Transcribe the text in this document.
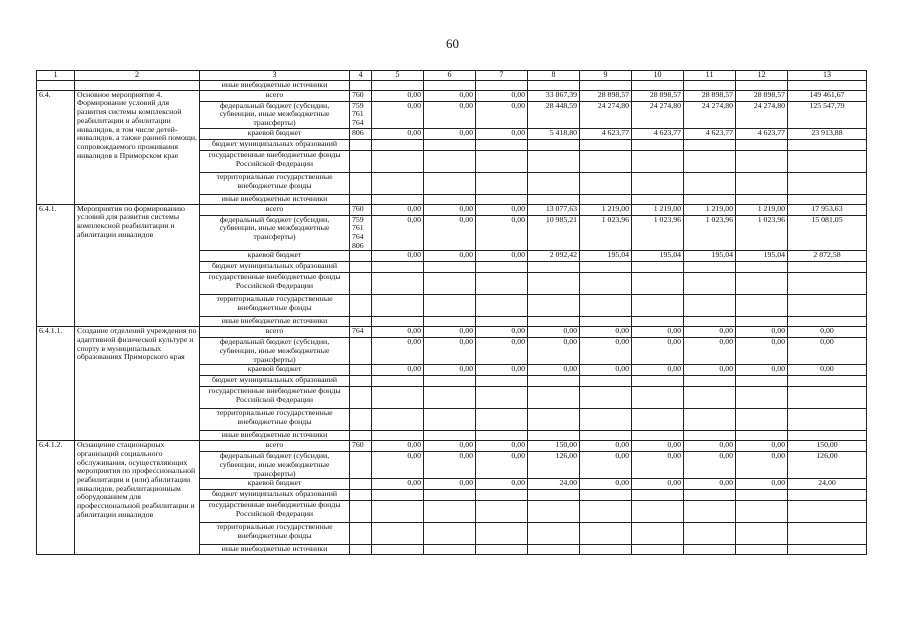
60
1	2	3	4	5	6	7	8	9	10	11	12	13
		иные внебюджетные источники										
6.4.	Основное мероприятие 4. Формирование условий для развития системы комплексной реабилитации и абилитации инвалидов, в том числе детей-инвалидов, а также ранней помощи, сопровождаемого проживания инвалидов в Приморском крае	всего	760	0,00	0,00	0,00	33 867,39	28 898,57	28 898,57	28 898,57	28 898,57	149 461,67
		федеральный бюджет (субсидии, субвенции, иные межбюджетные трансферты)	759 761 764	0,00	0,00	0,00	28 448,59	24 274,80	24 274,80	24 274,80	24 274,80	125 547,79
		краевой бюджет	806	0,00	0,00	0,00	5 418,80	4 623,77	4 623,77	4 623,77	4 623,77	23 913,88
		бюджет муниципальных образований										
		государственные внебюджетные фонды Российской Федерации										
		территориальные государственные внебюджетные фонды										
		иные внебюджетные источники										
6.4.1.	Мероприятия по формированию условий для развития системы комплексной реабилитации и абилитации инвалидов	всего	760	0,00	0,00	0,00	13 077,63	1 219,00	1 219,00	1 219,00	1 219,00	17 953,63
		федеральный бюджет (субсидии, субвенции, иные межбюджетные трансферты)	759 761 764 806	0,00	0,00	0,00	10 985,21	1 023,96	1 023,96	1 023,96	1 023,96	15 081,05
		краевой бюджет		0,00	0,00	0,00	2 092,42	195,04	195,04	195,04	195,04	2 872,58
		бюджет муниципальных образований										
		государственные внебюджетные фонды Российской Федерации										
		территориальные государственные внебюджетные фонды										
		иные внебюджетные источники										
6.4.1.1.	Создание отделений учреждения по адаптивной физической культуре и спорту в муниципальных образованиях Приморского края	всего	764	0,00	0,00	0,00	0,00	0,00	0,00	0,00	0,00	0,00
		федеральный бюджет (субсидии, субвенции, иные межбюджетные трансферты)		0,00	0,00	0,00	0,00	0,00	0,00	0,00	0,00	0,00
		краевой бюджет		0,00	0,00	0,00	0,00	0,00	0,00	0,00	0,00	0,00
		бюджет муниципальных образований										
		государственные внебюджетные фонды Российской Федерации										
		территориальные государственные внебюджетные фонды										
		иные внебюджетные источники										
6.4.1.2.	Оснащение стационарных организаций социального обслуживания, осуществляющих мероприятия по профессиональной реабилитации и (или) абилитации инвалидов, реабилитационным оборудованием для профессиональной реабилитации и абилитации инвалидов	всего	760	0,00	0,00	0,00	150,00	0,00	0,00	0,00	0,00	150,00
		федеральный бюджет (субсидии, субвенции, иные межбюджетные трансферты)		0,00	0,00	0,00	126,00	0,00	0,00	0,00	0,00	126,00
		краевой бюджет		0,00	0,00	0,00	24,00	0,00	0,00	0,00	0,00	24,00
		бюджет муниципальных образований										
		государственные внебюджетные фонды Российской Федерации										
		территориальные государственные внебюджетные фонды										
		иные внебюджетные источники										
